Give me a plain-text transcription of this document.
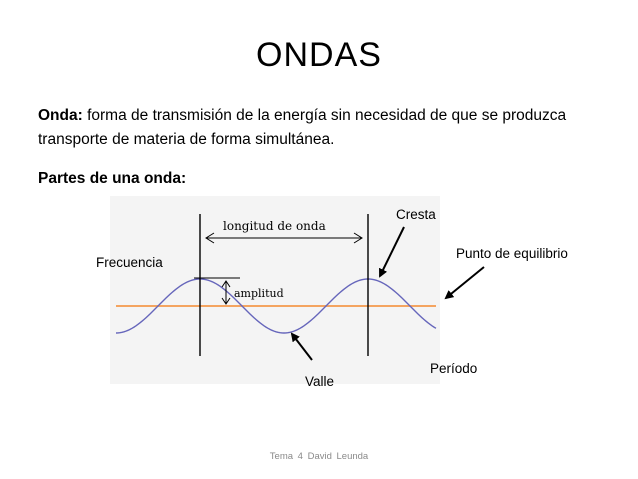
ONDAS
Onda: forma de transmisión de la energía sin necesidad de que se produzca
transporte de materia de forma simultánea.
Partes de una onda:
longitud de onda
amplitud
Cresta
Punto de equilibrio
Frecuencia
Período
Valle
Tema 4 David Leunda
